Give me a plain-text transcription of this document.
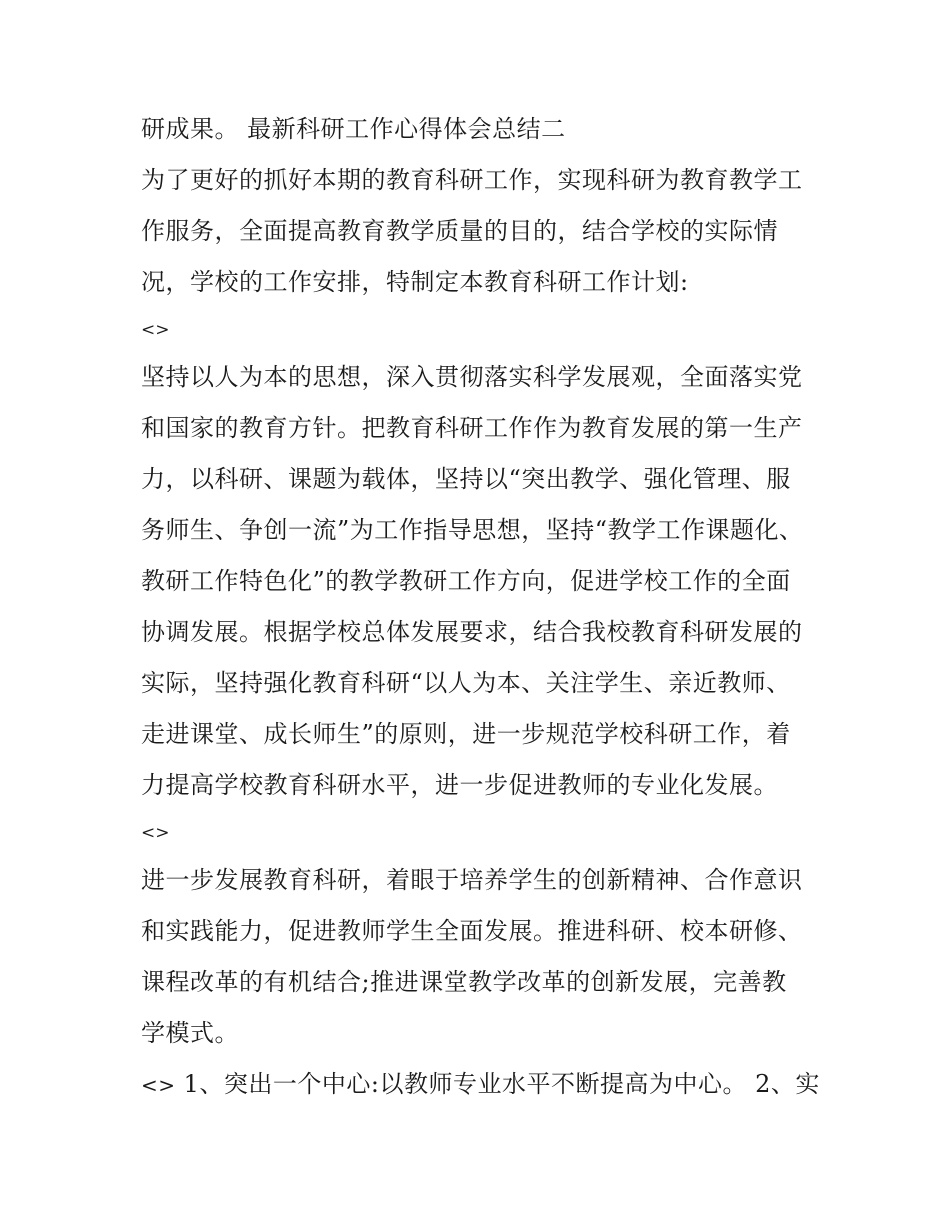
研成果。 最新科研工作心得体会总结二
为了更好的抓好本期的教育科研工作，实现科研为教育教学工
作服务，全面提高教育教学质量的目的，结合学校的实际情
况，学校的工作安排，特制定本教育科研工作计划:
<>
坚持以人为本的思想，深入贯彻落实科学发展观，全面落实党
和国家的教育方针。把教育科研工作作为教育发展的第一生产
力，以科研、课题为载体，坚持以“突出教学、强化管理、服
务师生、争创一流”为工作指导思想，坚持“教学工作课题化、
教研工作特色化”的教学教研工作方向，促进学校工作的全面
协调发展。根据学校总体发展要求，结合我校教育科研发展的
实际，坚持强化教育科研“以人为本、关注学生、亲近教师、
走进课堂、成长师生”的原则，进一步规范学校科研工作，着
力提高学校教育科研水平，进一步促进教师的专业化发展。
<>
进一步发展教育科研，着眼于培养学生的创新精神、合作意识
和实践能力，促进教师学生全面发展。推进科研、校本研修、
课程改革的有机结合;推进课堂教学改革的创新发展，完善教
学模式。
<> 1、突出一个中心:以教师专业水平不断提高为中心。 2、实
